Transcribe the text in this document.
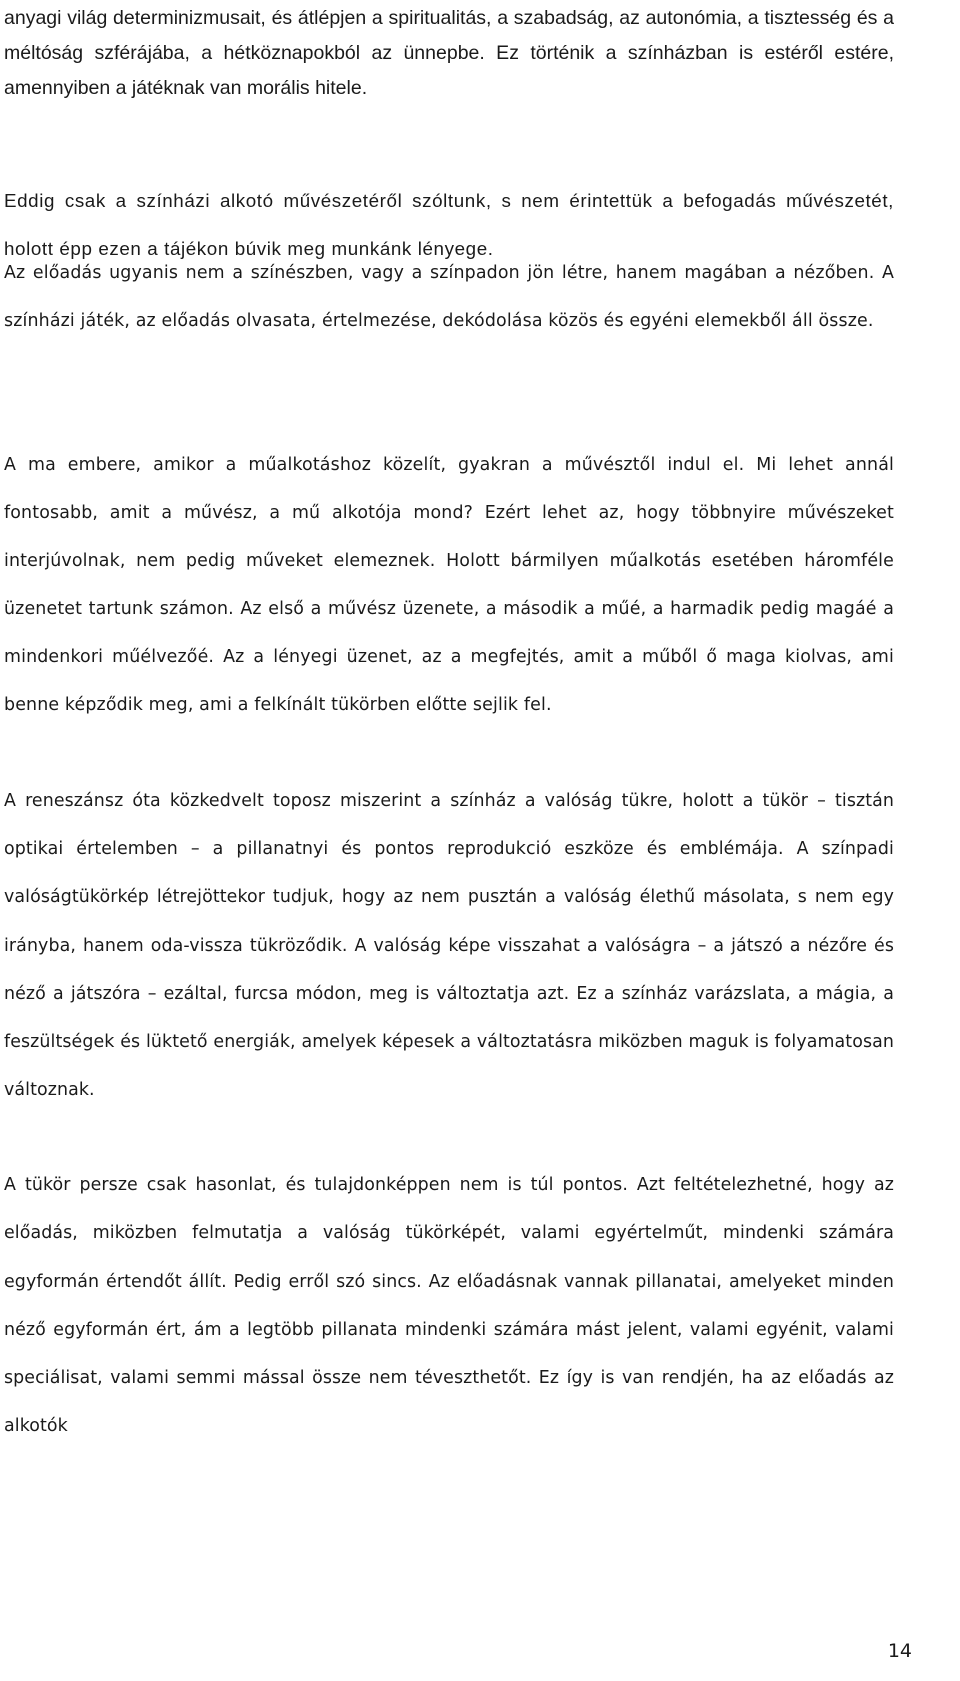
anyagi világ determinizmusait, és átlépjen a spiritualitás, a szabadság, az autonómia, a tisztesség és a méltóság szférájába, a hétköznapokból az ünnepbe. Ez történik a színházban is estéről estére, amennyiben a játéknak van morális hitele.

Eddig csak a színházi alkotó művészetéről szóltunk, s nem érintettük a befogadás művészetét, holott épp ezen a tájékon búvik meg munkánk lényege.

Az előadás ugyanis nem a színészben, vagy a színpadon jön létre, hanem magában a nézőben. A színházi játék, az előadás olvasata, értelmezése, dekódolása közös és egyéni elemekből áll össze.

A ma embere, amikor a műalkotáshoz közelít, gyakran a művésztől indul el. Mi lehet annál fontosabb, amit a művész, a mű alkotója mond? Ezért lehet az, hogy többnyire művészeket interjúvolnak, nem pedig műveket elemeznek. Holott bármilyen műalkotás esetében háromféle üzenetet tartunk számon. Az első a művész üzenete, a második a műé, a harmadik pedig magáé a mindenkori műélvezőé. Az a lényegi üzenet, az a megfejtés, amit a műből ő maga kiolvas, ami benne képződik meg, ami a felkínált tükörben előtte sejlik fel.

A reneszánsz óta közkedvelt toposz miszerint a színház a valóság tükre, holott a tükör – tisztán optikai értelemben – a pillanatnyi és pontos reprodukció eszköze és emblémája. A színpadi valóságtükörkép létrejöttekor tudjuk, hogy az nem pusztán a valóság élethű másolata, s nem egy irányba, hanem oda-vissza tükröződik. A valóság képe visszahat a valóságra – a játszó a nézőre és néző a játszóra – ezáltal, furcsa módon, meg is változtatja azt. Ez a színház varázslata, a mágia, a feszültségek és lüktető energiák, amelyek képesek a változtatásra miközben maguk is folyamatosan változnak.

A tükör persze csak hasonlat, és tulajdonképpen nem is túl pontos. Azt feltételezhetné, hogy az előadás, miközben felmutatja a valóság tükörképét, valami egyértelműt, mindenki számára egyformán értendőt állít. Pedig erről szó sincs. Az előadásnak vannak pillanatai, amelyeket minden néző egyformán ért, ám a legtöbb pillanata mindenki számára mást jelent, valami egyénit, valami speciálisat, valami semmi mással össze nem téveszthetőt. Ez így is van rendjén, ha az előadás az alkotók

14
